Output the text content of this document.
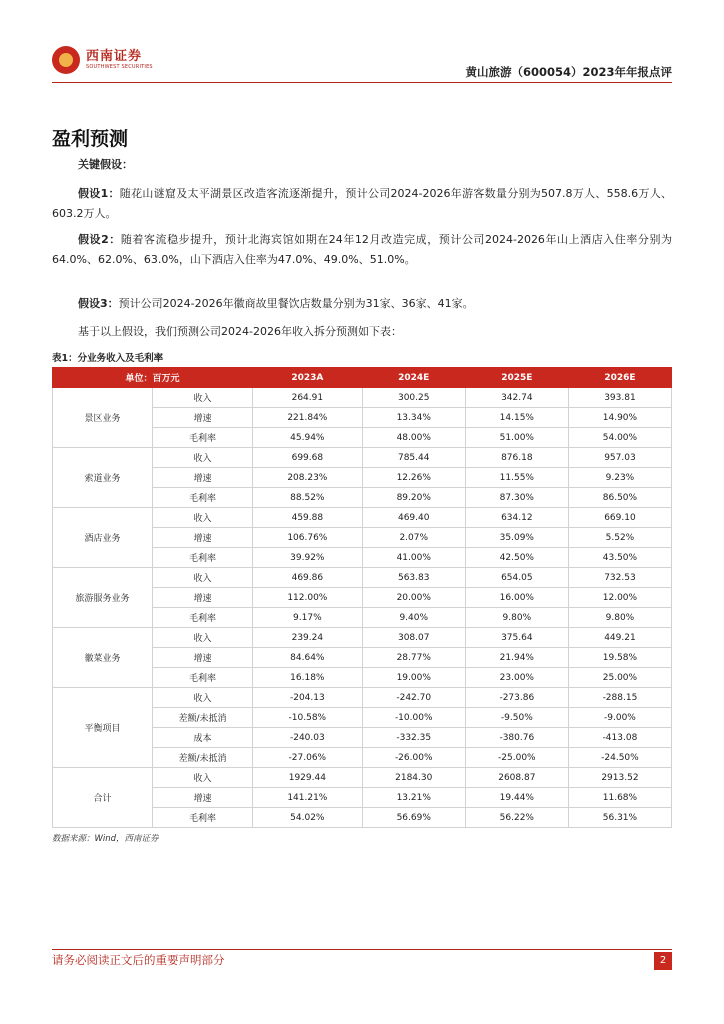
西南证券
SOUTHWEST SECURITIES	黄山旅游（600054）2023年年报点评
盈利预测
关键假设：
假设1：随花山谜窟及太平湖景区改造客流逐渐提升，预计公司2024-2026年游客数量分别为507.8万人、558.6万人、603.2万人。
假设2：随着客流稳步提升，预计北海宾馆如期在24年12月改造完成，预计公司2024-2026年山上酒店入住率分别为64.0%、62.0%、63.0%，山下酒店入住率为47.0%、49.0%、51.0%。
假设3：预计公司2024-2026年徽商故里餐饮店数量分别为31家、36家、41家。
基于以上假设，我们预测公司2024-2026年收入拆分预测如下表：
表1：分业务收入及毛利率
单位：百万元		2023A	2024E	2025E	2026E
景区业务	收入	264.91	300.25	342.74	393.81
	增速	221.84%	13.34%	14.15%	14.90%
	毛利率	45.94%	48.00%	51.00%	54.00%
索道业务	收入	699.68	785.44	876.18	957.03
	增速	208.23%	12.26%	11.55%	9.23%
	毛利率	88.52%	89.20%	87.30%	86.50%
酒店业务	收入	459.88	469.40	634.12	669.10
	增速	106.76%	2.07%	35.09%	5.52%
	毛利率	39.92%	41.00%	42.50%	43.50%
旅游服务业务	收入	469.86	563.83	654.05	732.53
	增速	112.00%	20.00%	16.00%	12.00%
	毛利率	9.17%	9.40%	9.80%	9.80%
徽菜业务	收入	239.24	308.07	375.64	449.21
	增速	84.64%	28.77%	21.94%	19.58%
	毛利率	16.18%	19.00%	23.00%	25.00%
平衡项目	收入	-204.13	-242.70	-273.86	-288.15
	差额/未抵消	-10.58%	-10.00%	-9.50%	-9.00%
	成本	-240.03	-332.35	-380.76	-413.08
	差额/未抵消	-27.06%	-26.00%	-25.00%	-24.50%
合计	收入	1929.44	2184.30	2608.87	2913.52
	增速	141.21%	13.21%	19.44%	11.68%
	毛利率	54.02%	56.69%	56.22%	56.31%
数据来源：Wind，西南证券
请务必阅读正文后的重要声明部分	2
